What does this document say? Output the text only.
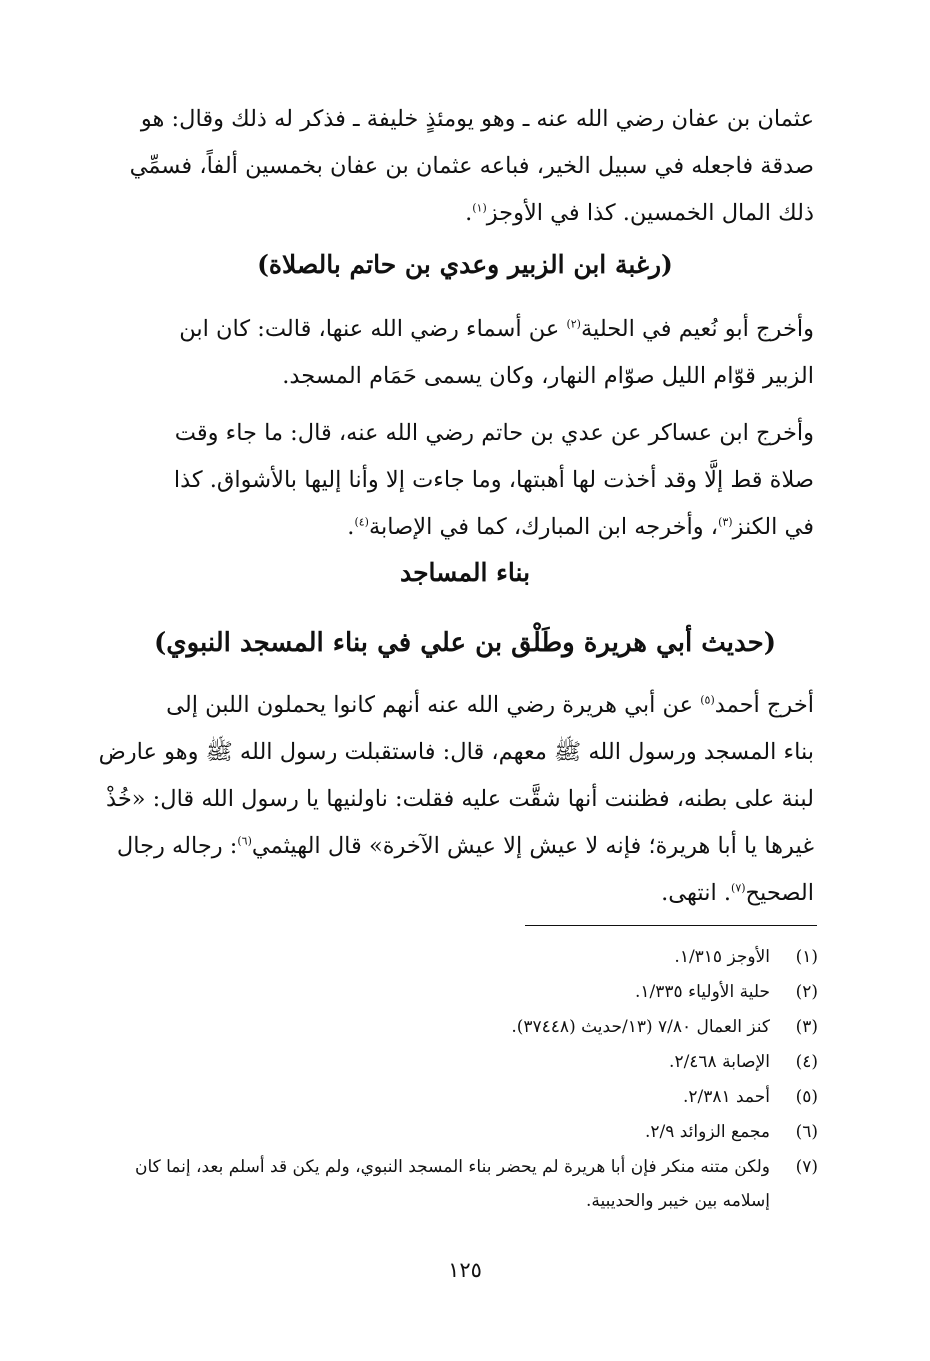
عثمان بن عفان رضي الله عنه ـ وهو يومئذٍ خليفة ـ فذكر له ذلك وقال: هو
صدقة فاجعله في سبيل الخير، فباعه عثمان بن عفان بخمسين ألفاً، فسمِّي
ذلك المال الخمسين. كذا في الأوجز$^{(١)}$.

(رغبة ابن الزبير وعدي بن حاتم بالصلاة)

وأخرج أبو نُعيم في الحلية$^{(٢)}$ عن أسماء رضي الله عنها، قالت: كان ابن
الزبير قوّام الليل صوّام النهار، وكان يسمى حَمَام المسجد.

وأخرج ابن عساكر عن عدي بن حاتم رضي الله عنه، قال: ما جاء وقت
صلاة قط إلَّا وقد أخذت لها أهبتها، وما جاءت إلا وأنا إليها بالأشواق. كذا
في الكنز$^{(٣)}$، وأخرجه ابن المبارك، كما في الإصابة$^{(٤)}$.

بناء المساجد
(حديث أبي هريرة وطَلْق بن علي في بناء المسجد النبوي)

أخرج أحمد$^{(٥)}$ عن أبي هريرة رضي الله عنه أنهم كانوا يحملون اللبن إلى
بناء المسجد ورسول الله ﷺ معهم، قال: فاستقبلت رسول الله ﷺ وهو عارض
لبنة على بطنه، فظننت أنها شقَّت عليه فقلت: ناولنيها يا رسول الله قال: «خُذْ
غيرها يا أبا هريرة؛ فإنه لا عيش إلا عيش الآخرة» قال الهيثمي$^{(٦)}$: رجاله رجال
الصحيح$^{(٧)}$. انتهى.

(١)
الأوجز ١/٣١٥.
(٢)
حلية الأولياء ١/٣٣٥.
(٣)
كنز العمال ٧/٨٠ (١٣/حديث (٣٧٤٤٨).
(٤)
الإصابة ٢/٤٦٨.
(٥)
أحمد ٢/٣٨١.
(٦)
مجمع الزوائد ٢/٩.
(٧)
ولكن متنه منكر فإن أبا هريرة لم يحضر بناء المسجد النبوي، ولم يكن قد أسلم بعد، إنما كان إسلامه بين خيبر والحديبية.
١٢٥
